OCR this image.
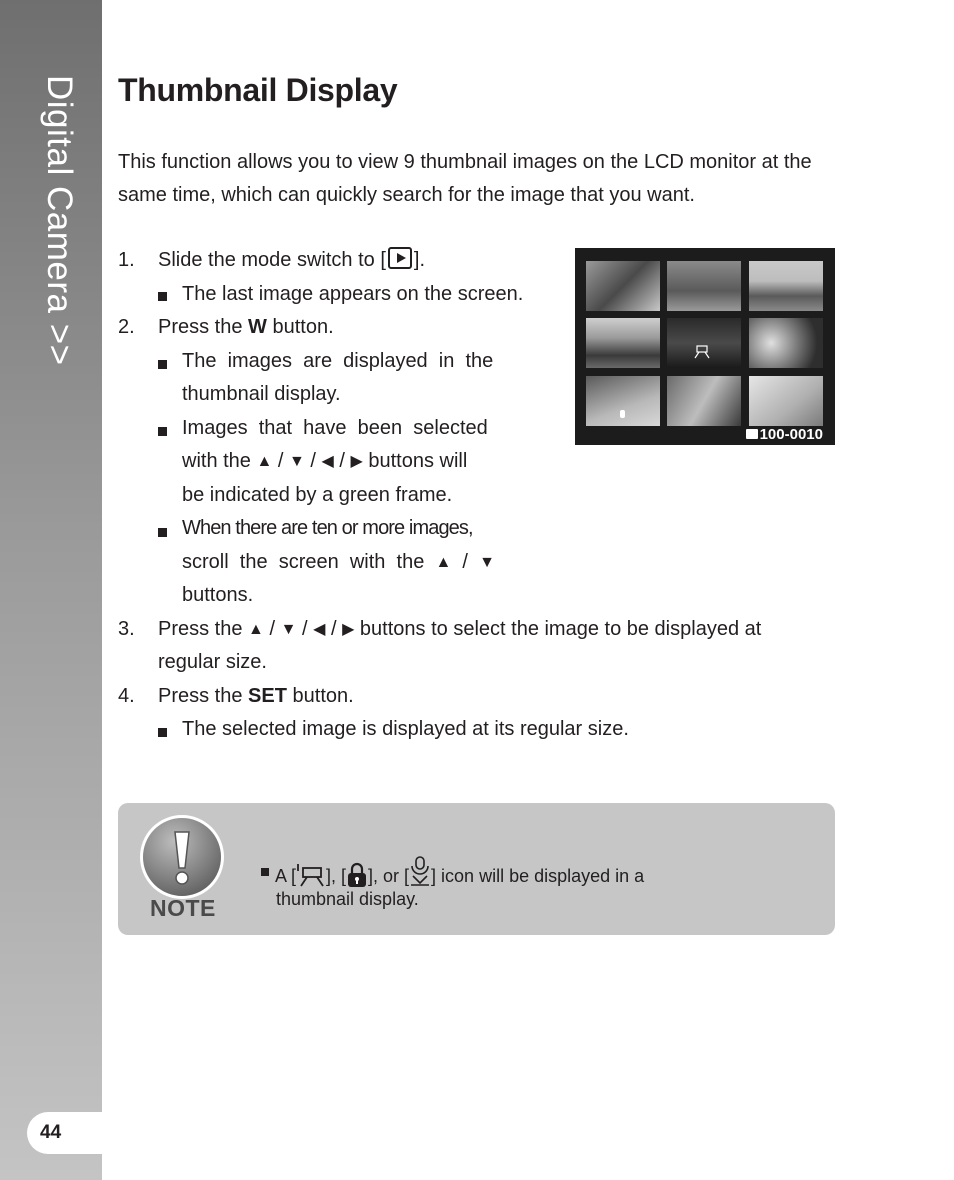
Digital Camera >>
44
Thumbnail Display

This function allows you to view 9 thumbnail images on the LCD monitor at the same time, which can quickly search for the image that you want.

1. Slide the mode switch to [ ].
The last image appears on the screen.
2. Press the W button.
The  images  are  displayed  in  the
thumbnail display.
Images  that  have  been  selected
with the ▲ / ▼ / ◀ / ▶ buttons will
be indicated by a green frame.
When there are ten or more images,
scroll  the  screen  with  the  ▲  /  ▼
buttons.
3. Press the ▲ / ▼ / ◀ / ▶ buttons to select the image to be displayed at
regular size.
4. Press the SET button.
The selected image is displayed at its regular size.
100-0010
NOTE
A [ ], [ ], or [ ] icon will be displayed in a
thumbnail display.
